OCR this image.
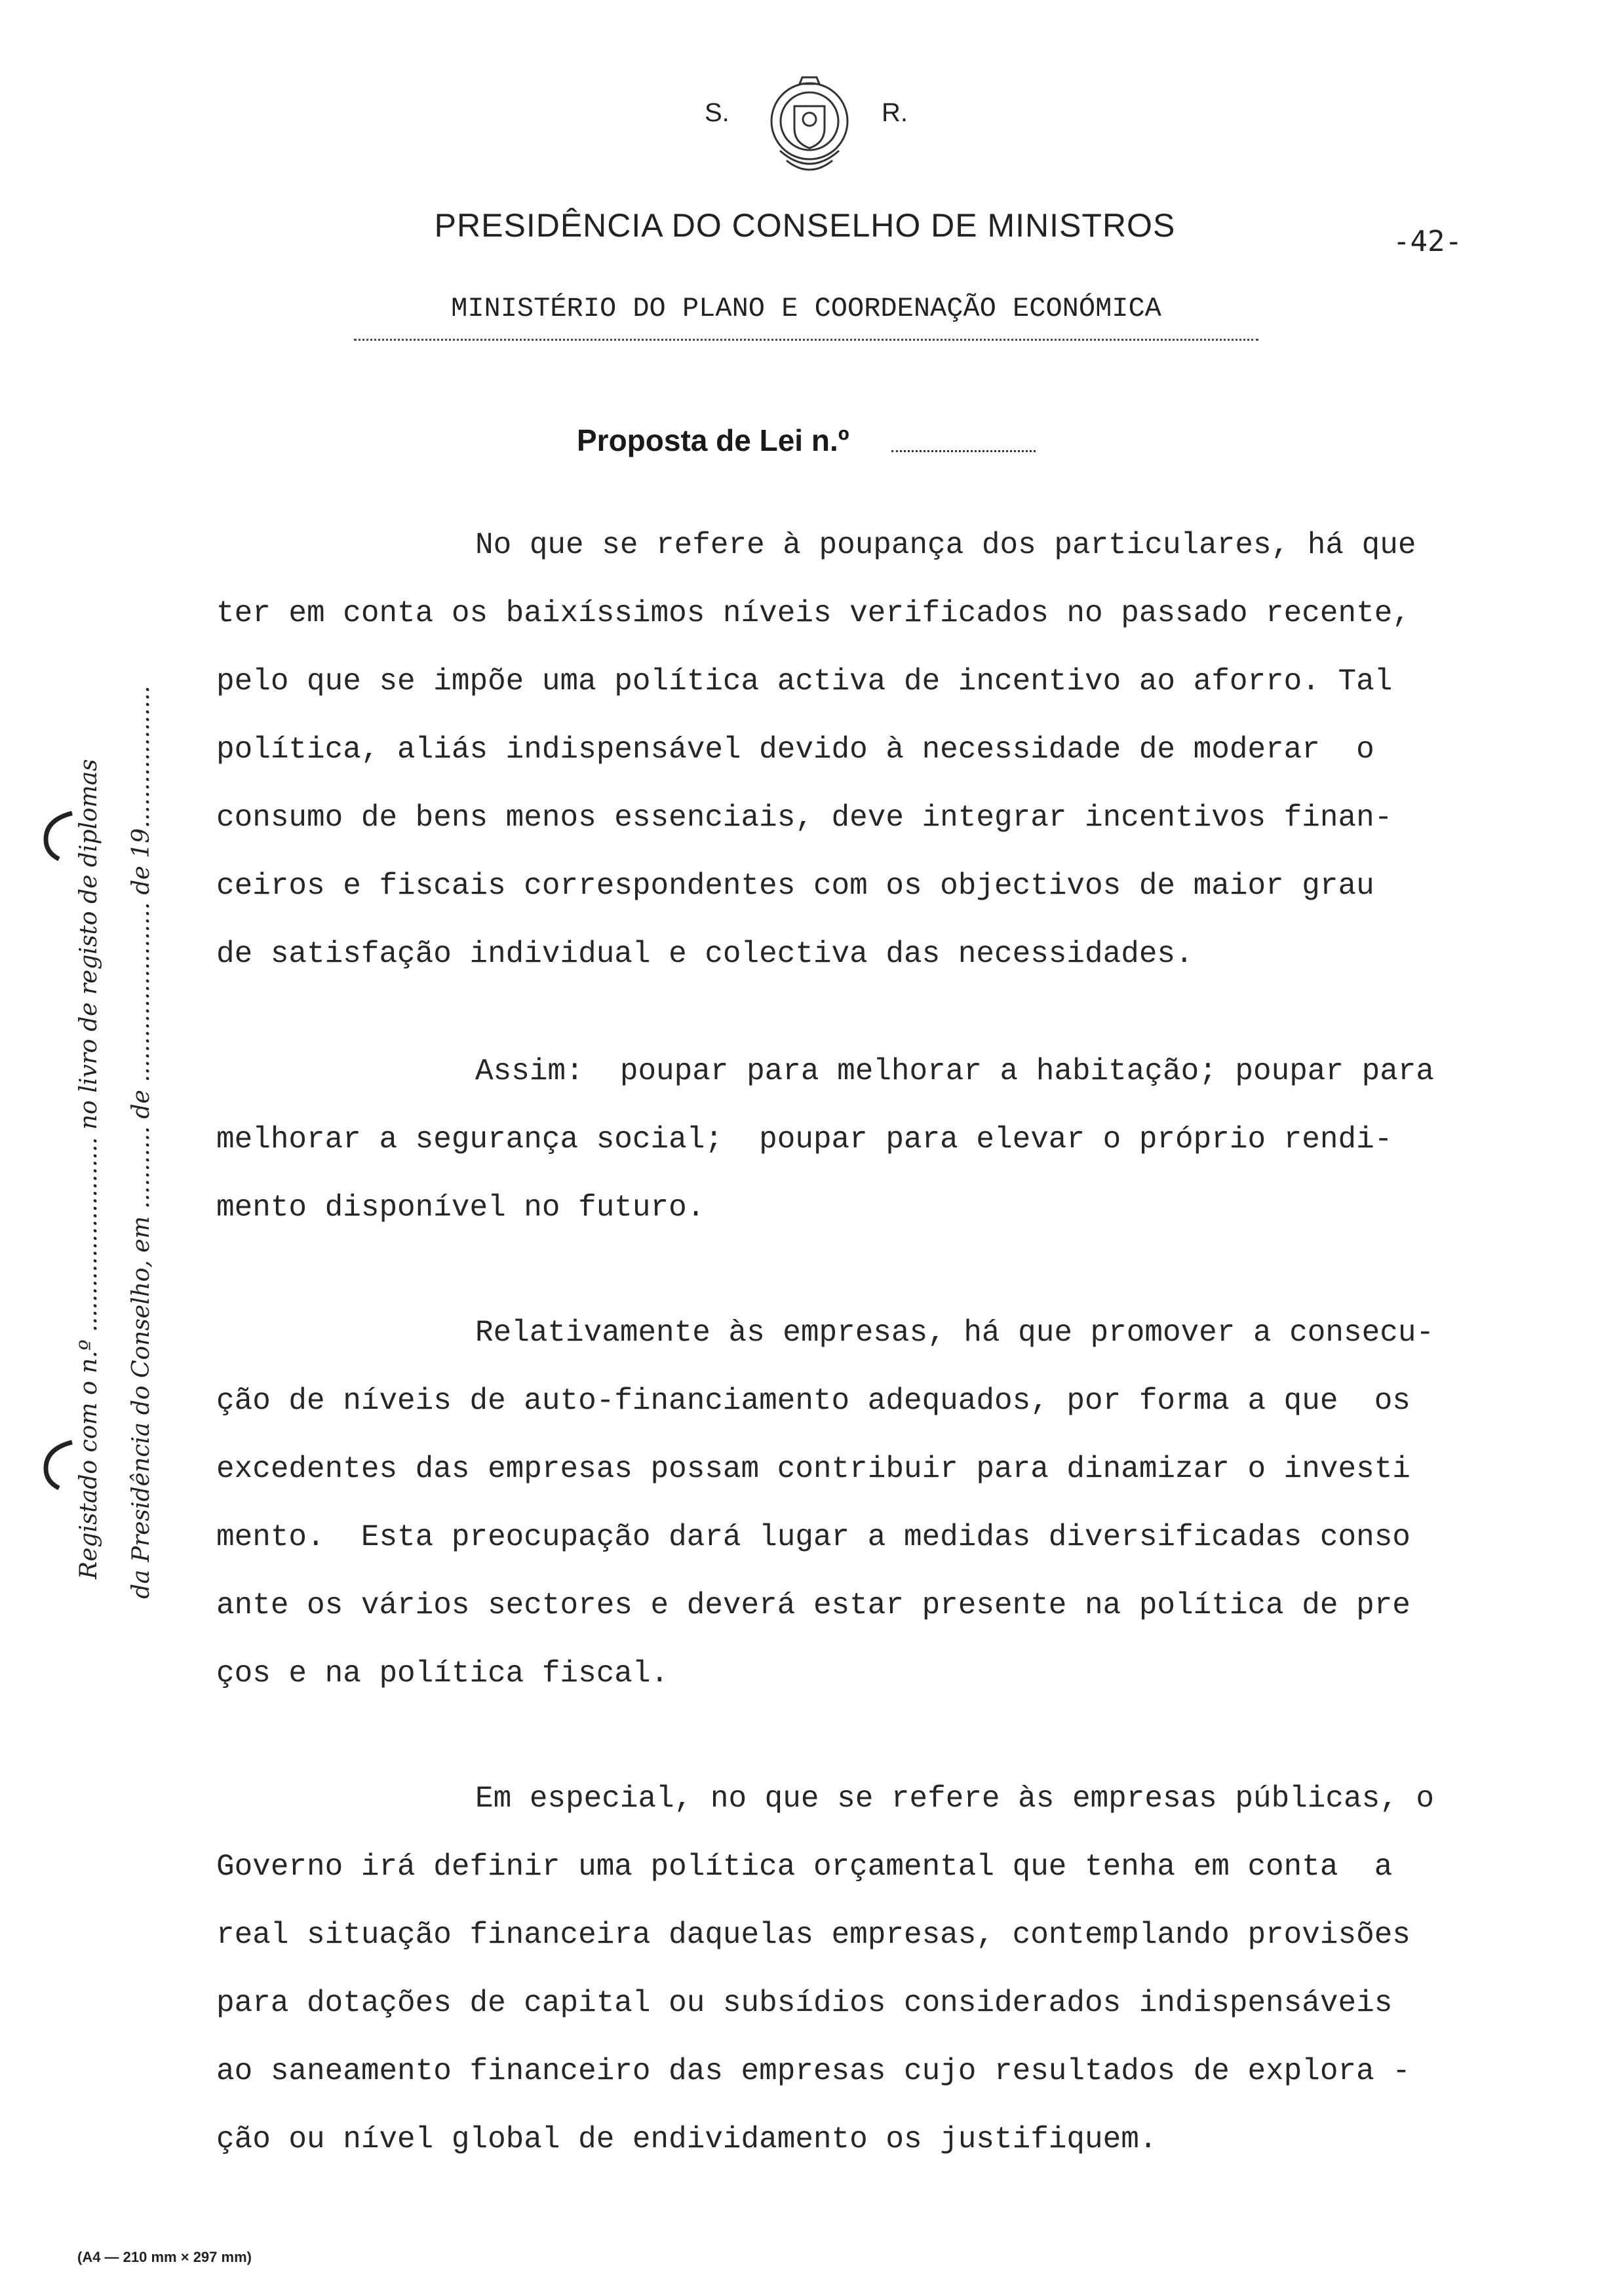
S.	R.
PRESIDÊNCIA DO CONSELHO DE MINISTROS	-42-
MINISTÉRIO DO PLANO E COORDENAÇÃO ECONÓMICA
Proposta de Lei n.º
No que se refere à poupança dos particulares, há que
ter em conta os baixíssimos níveis verificados no passado recente,
pelo que se impõe uma política activa de incentivo ao aforro. Tal
política, aliás indispensável devido à necessidade de moderar  o
consumo de bens menos essenciais, deve integrar incentivos finan-
ceiros e fiscais correspondentes com os objectivos de maior grau
de satisfação individual e colectiva das necessidades.
Assim:  poupar para melhorar a habitação; poupar para
melhorar a segurança social;  poupar para elevar o próprio rendi-
mento disponível no futuro.
Relativamente às empresas, há que promover a consecu-
ção de níveis de auto-financiamento adequados, por forma a que  os
excedentes das empresas possam contribuir para dinamizar o investi
mento.  Esta preocupação dará lugar a medidas diversificadas conso
ante os vários sectores e deverá estar presente na política de pre
ços e na política fiscal.
Em especial, no que se refere às empresas públicas, o
Governo irá definir uma política orçamental que tenha em conta  a
real situação financeira daquelas empresas, contemplando provisões
para dotações de capital ou subsídios considerados indispensáveis
ao saneamento financeiro das empresas cujo resultados de explora -
ção ou nível global de endividamento os justifiquem.
Registado com o n.º .......................... no livro de registo de diplomas da Presidência do Conselho, em ........... de ........................ de 19...................
(A4 — 210 mm × 297 mm)
